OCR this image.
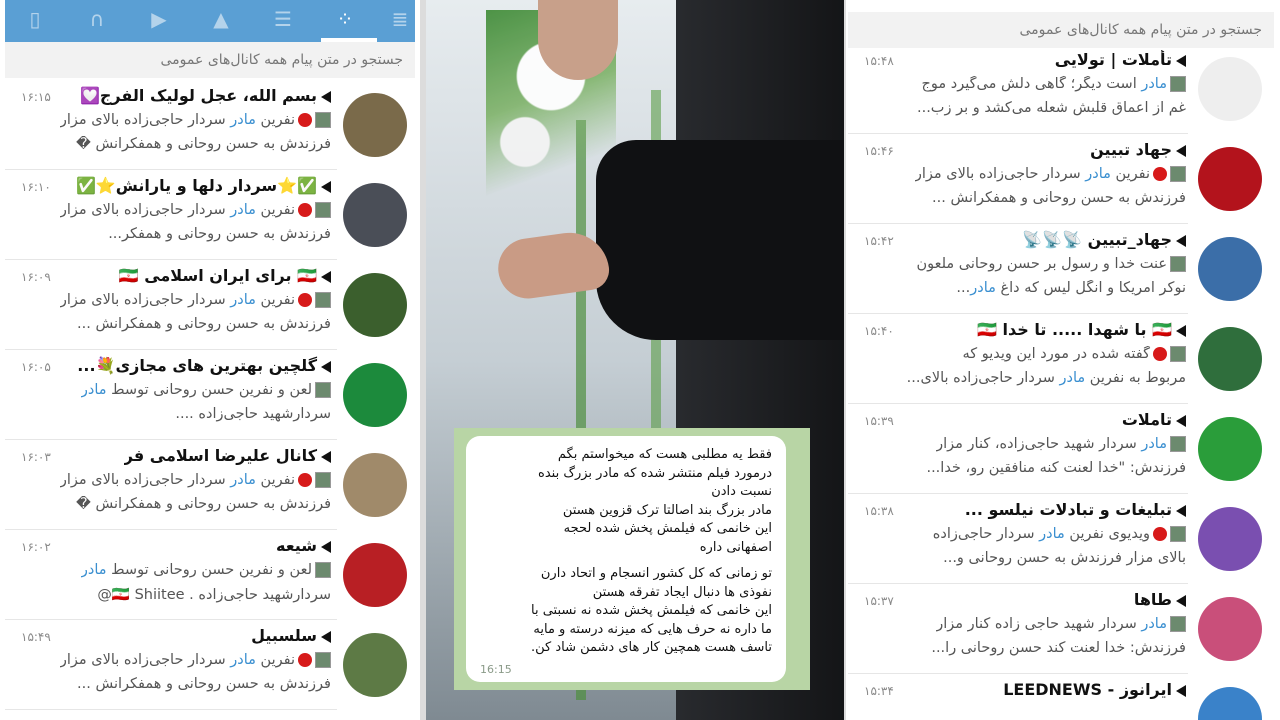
▯	∩	▶	▲	☰	⁘	≣
جستجو در متن پیام همه کانال‌های عمومی
بسم الله، عجل لولیک الفرج💟
۱۶:۱۵
نفرین مادر سردار حاجی‌زاده بالای مزار
فرزندش به حسن روحانی و همفکرانش �
✅⭐سردار دلها و یارانش⭐✅
۱۶:۱۰
نفرین مادر سردار حاجی‌زاده بالای مزار
فرزندش به حسن روحانی و همفکر...
🇮🇷 برای ایران اسلامی 🇮🇷
۱۶:۰۹
نفرین مادر سردار حاجی‌زاده بالای مزار
فرزندش به حسن روحانی و همفکرانش ...
گلچین بهترین های مجازی💐...
۱۶:۰۵
لعن و نفرین حسن روحانی توسط مادر
سردارشهید حاجی‌زاده ....
کانال علیرضا اسلامی فر
۱۶:۰۳
نفرین مادر سردار حاجی‌زاده بالای مزار
فرزندش به حسن روحانی و همفکرانش �
شیعه
۱۶:۰۲
لعن و نفرین حسن روحانی توسط مادر
سردارشهید حاجی‌زاده . 🇮🇷 Shiitee@
سلسبیل
۱۵:۴۹
نفرین مادر سردار حاجی‌زاده بالای مزار
فرزندش به حسن روحانی و همفکرانش ...

فقط یه مطلبی هست که میخواستم بگم

درمورد فیلم منتشر شده که مادر بزرگ بنده

نسبت دادن

مادر بزرگ بند اصالتا ترک قزوین هستن

این خانمی که فیلمش پخش شده لحجه

اصفهانی داره

تو زمانی که کل کشور انسجام و اتحاد دارن

نفوذی ها دنبال ایجاد تفرقه هستن

این خانمی که فیلمش پخش شده نه نسبتی با

ما داره نه حرف هایی که میزنه درسته و مایه

تاسف هست همچین کار های دشمن شاد کن.

16:15
جستجو در متن پیام همه کانال‌های عمومی
تأملات | تولایی
۱۵:۴۸
مادر است دیگر؛ گاهی دلش می‌گیرد موجِ
غم از اعماق قلبش شعله می‌کشد و بر زب...
جهاد تبیین
۱۵:۴۶
نفرین مادر سردار حاجی‌زاده بالای مزار
فرزندش به حسن روحانی و همفکرانش ...
جهاد_تبیین 📡📡📡
۱۵:۴۲
عنت خدا و رسول بر حسن روحانی ملعون
نوکر آمریکا و انگل لیس که داغ مادر...
🇮🇷 با شهدا ..... تا خدا 🇮🇷
۱۵:۴۰
گفته شده در مورد این ویدیو که
مربوط به نفرین مادر سردار حاجی‌زاده بالای...
تاملات
۱۵:۳۹
مادر سردار شهید حاجی‌زاده، کنار مزار
فرزندش: "خدا لعنت کنه منافقین رو، خدا...
تبلیغات و تبادلات نیلسو ...
۱۵:۳۸
ویدیوی نفرین مادر سردار حاجی‌زاده
بالای مزار فرزندش به حسن روحانی و...
طاها
۱۵:۳۷
مادر سردار شهید حاجی زاده کنار مزار
فرزندش: خدا لعنت کند حسن روحانی را...
ایرانوز - LEEDNEWS
۱۵:۳۴
